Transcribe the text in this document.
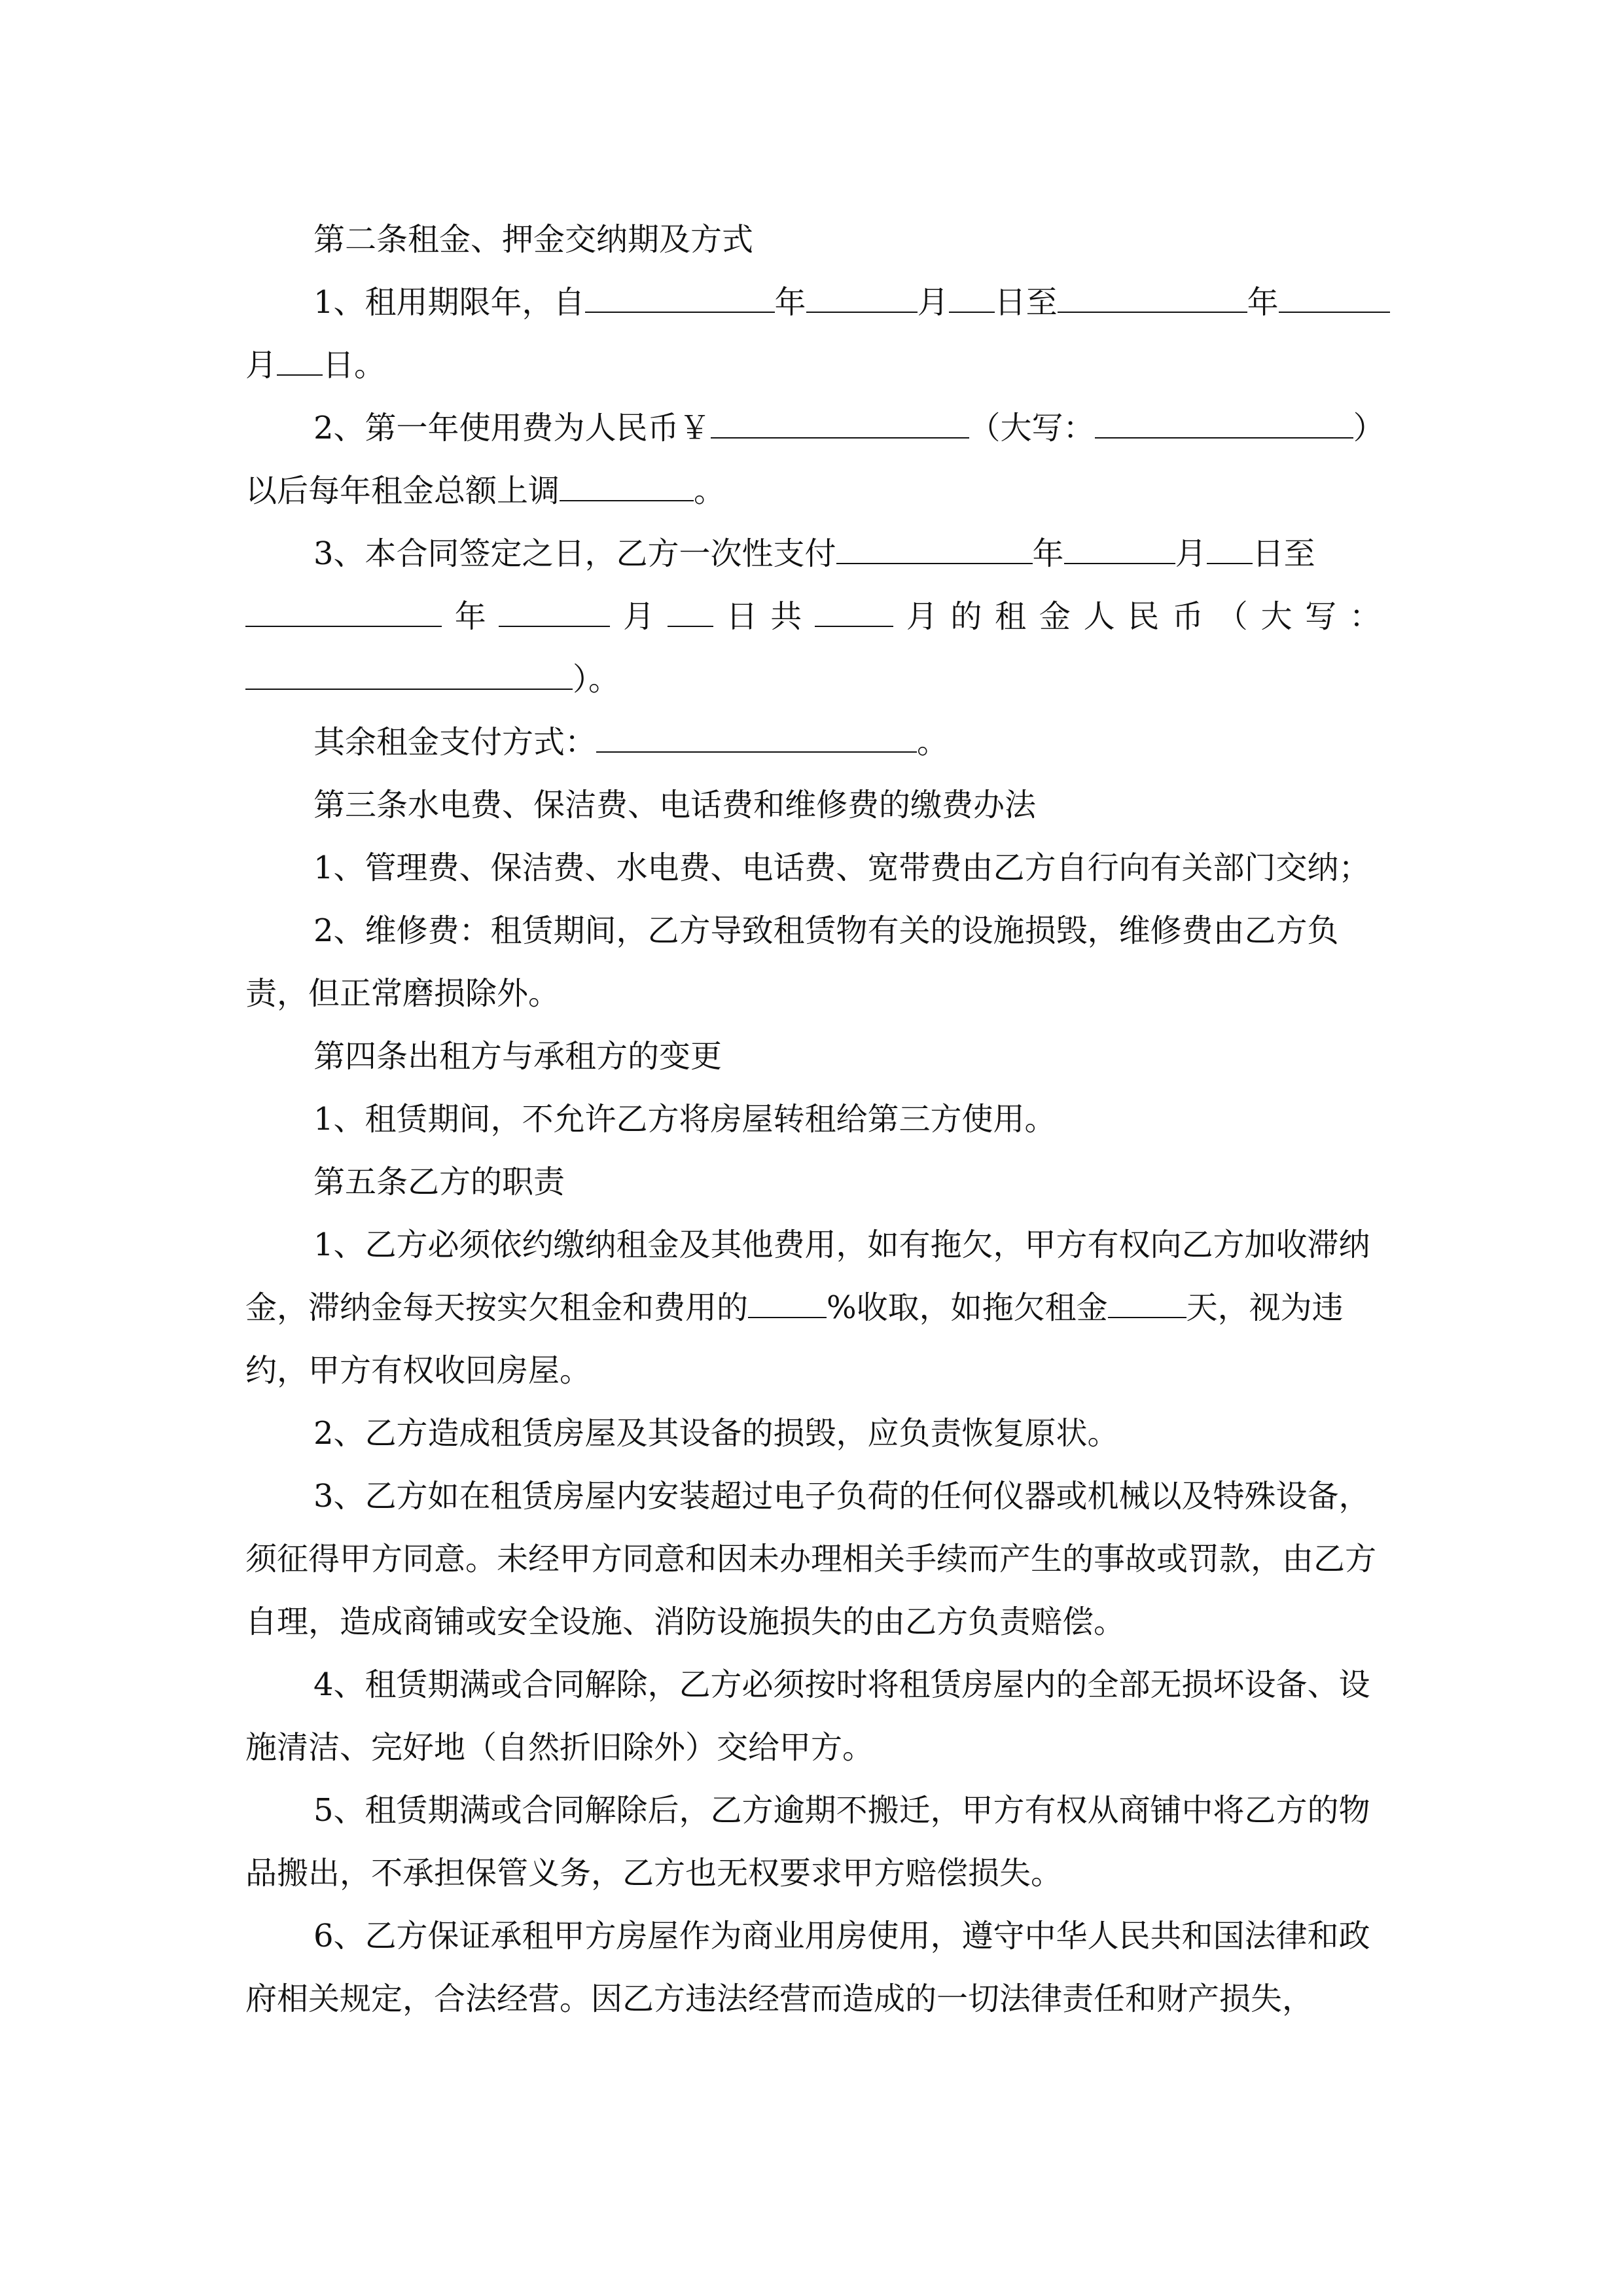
第二条租金、押金交纳期及方式

1、租用期限年，自	年	月 日至	年
月 日。
2、第一年使用费为人民币￥	（大写：	）
以后每年租金总额上调	。
3、本合同签定之日，乙方一次性支付	年	月 日至
年	月 日 共	月 的 租 金 人 民 币 （ 大 写 ：
）。
其余租金支付方式：	。

第三条水电费、保洁费、电话费和维修费的缴费办法

1、管理费、保洁费、水电费、电话费、宽带费由乙方自行向有关部门交纳；

2、维修费：租赁期间，乙方导致租赁物有关的设施损毁，维修费由乙方负责，但正常磨损除外。

第四条出租方与承租方的变更

1、租赁期间，不允许乙方将房屋转租给第三方使用。

第五条乙方的职责

1、乙方必须依约缴纳租金及其他费用，如有拖欠，甲方有权向乙方加收滞纳金，滞纳金每天按实欠租金和费用的	%收取，如拖欠租金	天，视为违约，甲方有权收回房屋。

2、乙方造成租赁房屋及其设备的损毁，应负责恢复原状。

3、乙方如在租赁房屋内安装超过电子负荷的任何仪器或机械以及特殊设备，须征得甲方同意。未经甲方同意和因未办理相关手续而产生的事故或罚款，由乙方自理，造成商铺或安全设施、消防设施损失的由乙方负责赔偿。

4、租赁期满或合同解除，乙方必须按时将租赁房屋内的全部无损坏设备、设施清洁、完好地（自然折旧除外）交给甲方。

5、租赁期满或合同解除后，乙方逾期不搬迁，甲方有权从商铺中将乙方的物品搬出，不承担保管义务，乙方也无权要求甲方赔偿损失。

6、乙方保证承租甲方房屋作为商业用房使用，遵守中华人民共和国法律和政府相关规定，合法经营。因乙方违法经营而造成的一切法律责任和财产损失，
